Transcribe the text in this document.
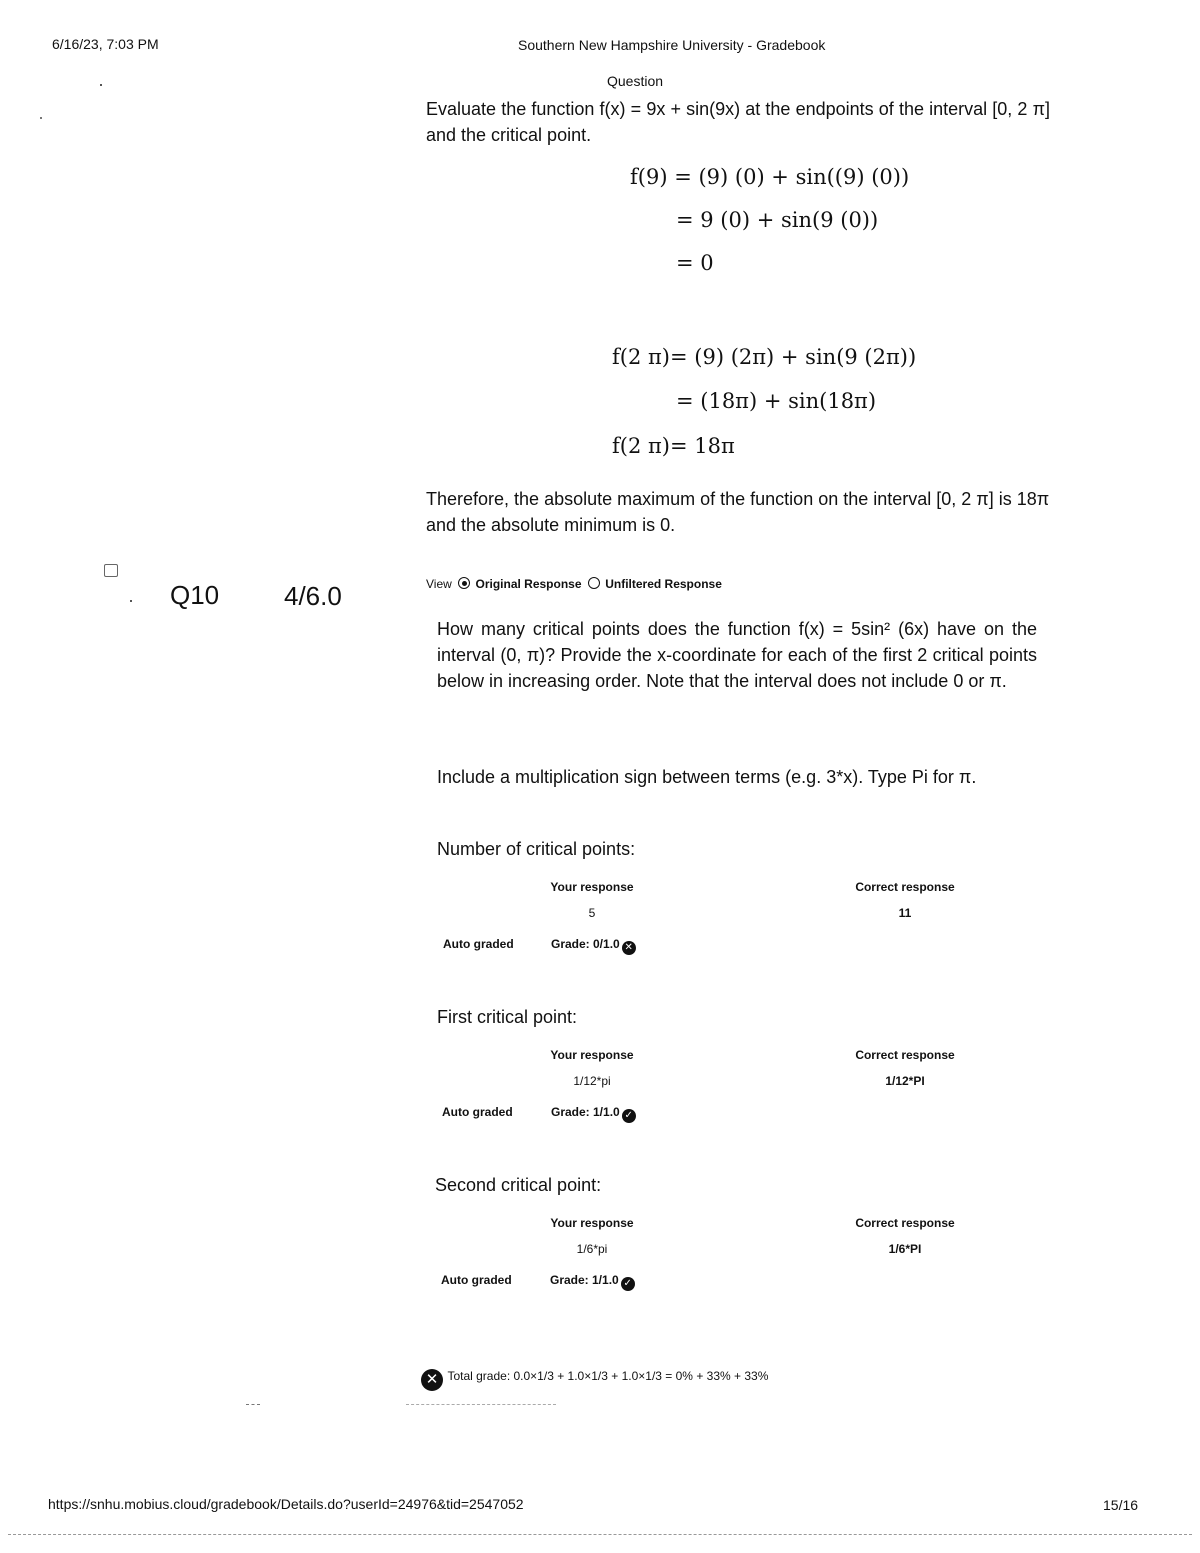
6/16/23, 7:03 PM	Southern New Hampshire University - Gradebook
Question
Evaluate the function f(x) = 9x + sin(9x) at the endpoints of the interval [0, 2 π] and the critical point.
f(9) = (9) (0) + sin((9) (0))
= 9 (0) + sin(9 (0))
= 0
f(2 π)= (9) (2π) + sin(9 (2π))
= (18π) + sin(18π)
f(2 π)= 18π
Therefore, the absolute maximum of the function on the interval [0, 2 π] is 18π and the absolute minimum is 0.
Q10 4/6.0	View Original Response Unfiltered Response
How many critical points does the function f(x) = 5sin² (6x) have on the interval (0, π)? Provide the x-coordinate for each of the first 2 critical points below in increasing order. Note that the interval does not include 0 or π.
Include a multiplication sign between terms (e.g. 3*x). Type Pi for π.
Number of critical points:
Your response	Correct response
5	11
Auto graded	Grade: 0/1.0 ✕
First critical point:
Your response	Correct response
1/12*pi	1/12*PI
Auto graded	Grade: 1/1.0 ✓
Second critical point:
Your response	Correct response
1/6*pi	1/6*PI
Auto graded	Grade: 1/1.0 ✓
✕ $^{Total grade: 0.0\times 1/3 + 1.0\times 1/3 + 1.0\times 1/3 = 0\% + 33\% + 33\%}$
https://snhu.mobius.cloud/gradebook/Details.do?userId=24976&tid=2547052	15/16
